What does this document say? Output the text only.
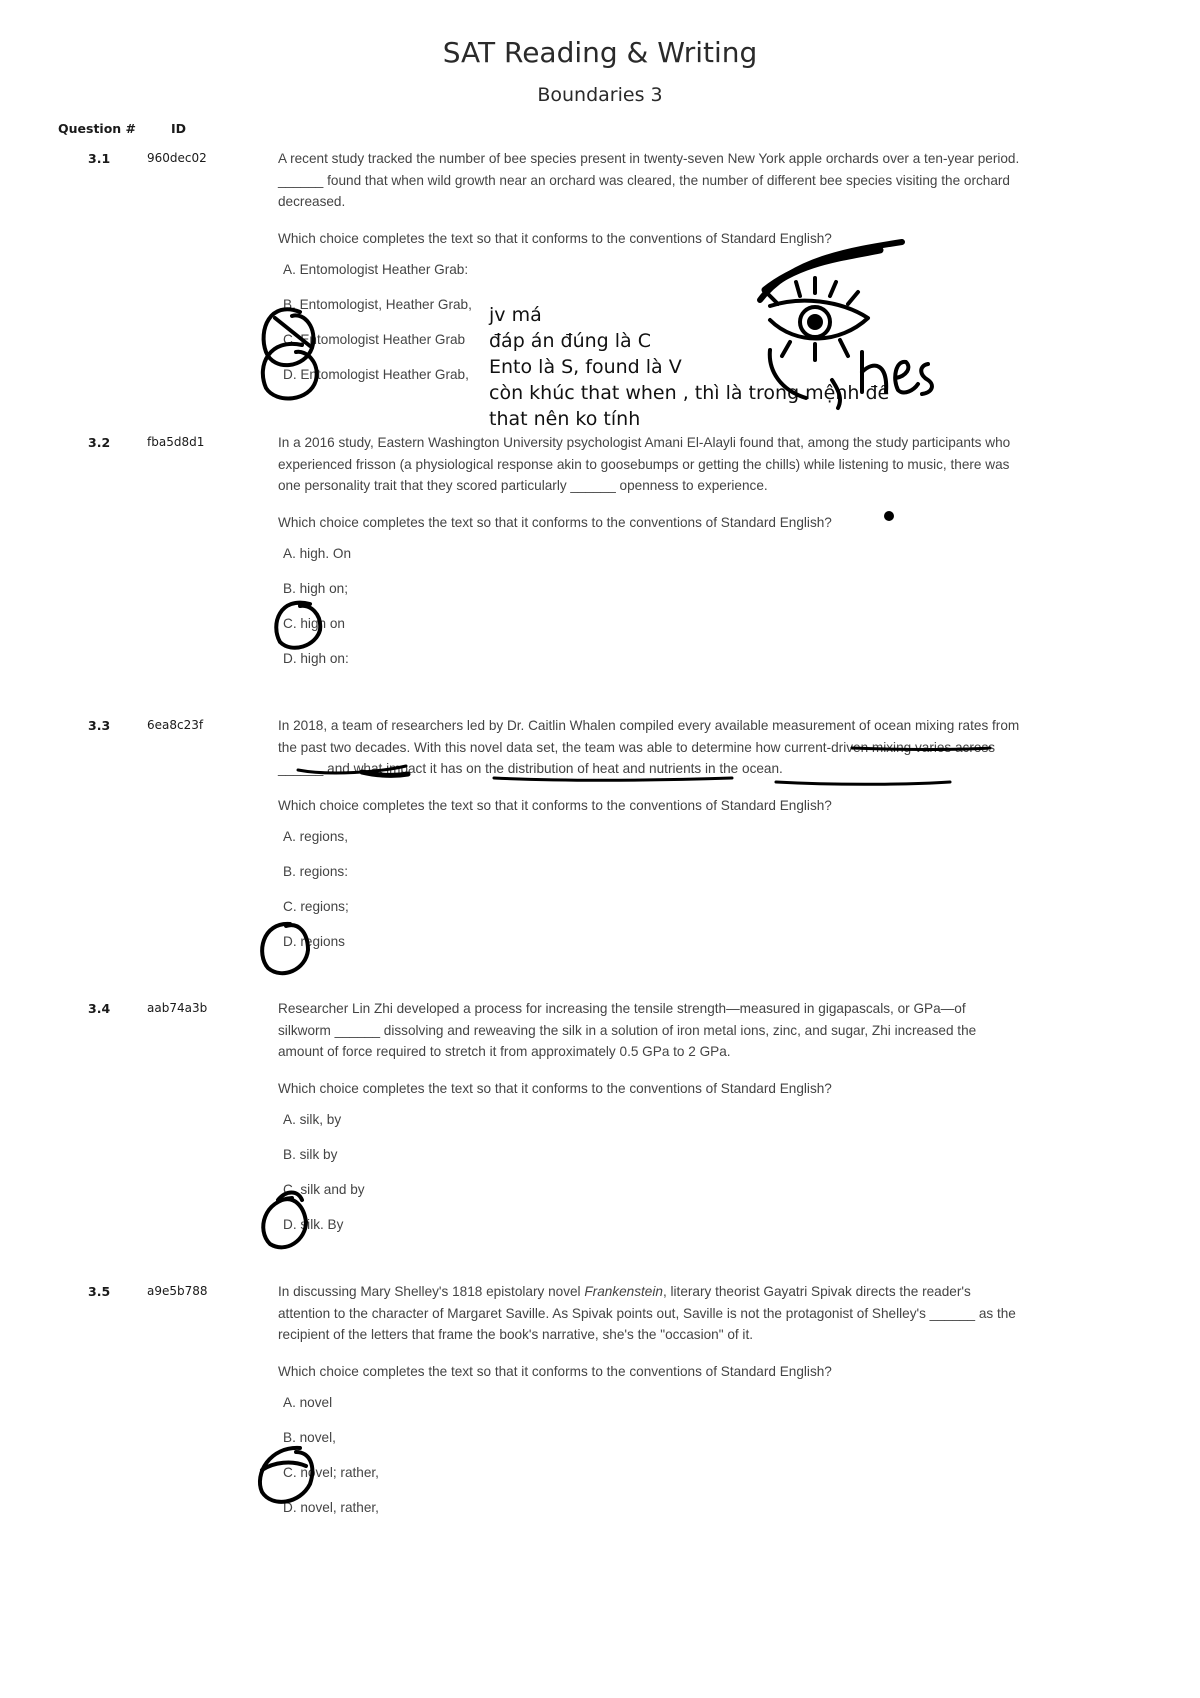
SAT Reading & Writing
Boundaries 3
Question #	ID
3.1	960dec02	A recent study tracked the number of bee species present in twenty-seven New York apple orchards over a ten-year period. ______ found that when wild growth near an orchard was cleared, the number of different bee species visiting the orchard decreased.

Which choice completes the text so that it conforms to the conventions of Standard English?
A. Entomologist Heather Grab:
B. Entomologist, Heather Grab,
C. Entomologist Heather Grab
D. Entomologist Heather Grab,
3.2	fba5d8d1	In a 2016 study, Eastern Washington University psychologist Amani El-Alayli found that, among the study participants who experienced frisson (a physiological response akin to goosebumps or getting the chills) while listening to music, there was one personality trait that they scored particularly ______ openness to experience.

Which choice completes the text so that it conforms to the conventions of Standard English?
A. high. On
B. high on;
C. high on
D. high on:
3.3	6ea8c23f	In 2018, a team of researchers led by Dr. Caitlin Whalen compiled every available measurement of ocean mixing rates from the past two decades. With this novel data set, the team was able to determine how current-driven mixing varies across ______ and what impact it has on the distribution of heat and nutrients in the ocean.

Which choice completes the text so that it conforms to the conventions of Standard English?
A. regions,
B. regions:
C. regions;
D. regions
3.4	aab74a3b	Researcher Lin Zhi developed a process for increasing the tensile strength—measured in gigapascals, or GPa—of silkworm ______ dissolving and reweaving the silk in a solution of iron metal ions, zinc, and sugar, Zhi increased the amount of force required to stretch it from approximately 0.5 GPa to 2 GPa.

Which choice completes the text so that it conforms to the conventions of Standard English?
A. silk, by
B. silk by
C. silk and by
D. silk. By
3.5	a9e5b788	In discussing Mary Shelley's 1818 epistolary novel Frankenstein, literary theorist Gayatri Spivak directs the reader's attention to the character of Margaret Saville. As Spivak points out, Saville is not the protagonist of Shelley's ______ as the recipient of the letters that frame the book's narrative, she's the "occasion" of it.

Which choice completes the text so that it conforms to the conventions of Standard English?
A. novel
B. novel,
C. novel; rather,
D. novel, rather,
jv má
đáp án đúng là C
Ento là S, found là V
còn khúc that when , thì là trong mệnh đề
that nên ko tính
